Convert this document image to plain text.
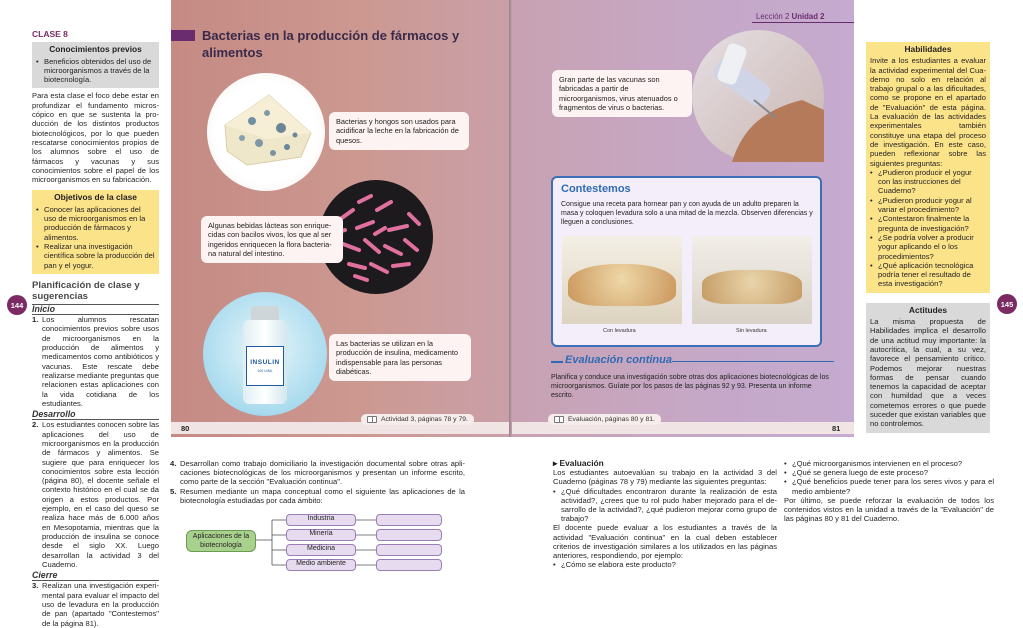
CLASE 8
Conocimientos previos
• Beneficios obtenidos del uso de microorganismos a través de la biotecnología.
Para esta clase el foco debe estar en profundizar el fundamento microscópico en que se sustenta la producción de los distintos productos biotecnológicos, por lo que pueden rescatarse conocimientos propios de los alumnos sobre el uso de fármacos y vacunas y sus conocimientos sobre el papel de los microorganismos en su fabricación.
Objetivos de la clase
• Conocer las aplicaciones del uso de microorganismos en la producción de fármacos y alimentos.
• Realizar una investigación científica sobre la producción del pan y el yogur.
Planificación de clase y sugerencias
Inicio
1. Los alumnos rescatan conocimientos previos sobre usos de microorganismos en la producción de alimentos y medicamentos como antibióticos y vacunas. Este rescate debe realizarse mediante preguntas que relacionen estas aplicaciones con la vida cotidiana de los estudiantes.
Desarrollo
2. Los estudiantes conocen sobre las aplicaciones del uso de microorganismos en la producción de fármacos y alimentos. Se sugiere que para enriquecer los conocimientos sobre esta lección (página 80), el docente señale el contexto histórico en el cual se da origen a estos productos. Por ejemplo, en el caso del queso se realiza hace más de 6.000 años en Mesopotamia, mientras que la producción de insulina se conoce desde el siglo XX. Luego desarrollan la actividad 3 del Cuaderno.
Cierre
3. Realizan una investigación experimental para evaluar el impacto del uso de levadura en la producción de pan (apartado "Contestemos" de la página 81).
144	145
Bacterias en la producción de fármacos y alimentos
Bacterias y hongos son usados para acidificar la leche en la fabricación de quesos.
Algunas bebidas lácteas son enriquecidas con bacilos vivos, los que al ser ingeridos enriquecen la flora bacteriana natural del intestino.
INSULIN
100 U/ML
Las bacterias se utilizan en la producción de insulina, medicamento indispensable para las personas diabéticas.
80
Actividad 3, páginas 78 y 79.
Lección 2 Unidad 2
Gran parte de las vacunas son fabricadas a partir de microorganismos, virus atenuados o fragmentos de virus o bacterias.
Contestemos
Consigue una receta para hornear pan y con ayuda de un adulto preparen la masa y coloquen levadura solo a una mitad de la mezcla. Observen diferencias y lleguen a conclusiones.
Con levadura	Sin levadura
Evaluación continua
Planifica y conduce una investigación sobre otras dos aplicaciones biotecnológicas de los microorganismos. Guíate por los pasos de las páginas 92 y 93. Presenta un informe escrito.
Evaluación, páginas 80 y 81.
81
Habilidades
Invite a los estudiantes a evaluar la actividad experimental del Cuaderno no solo en relación al trabajo grupal o a las dificultades, como se propone en el apartado de "Evaluación" de esta página. La evaluación de las actividades experimentales también constituye una etapa del proceso de investigación. En este caso, pueden reflexionar sobre las siguientes preguntas:
• ¿Pudieron producir el yogur con las instrucciones del Cuaderno?
• ¿Pudieron producir yogur al variar el procedimiento?
• ¿Contestaron finalmente la pregunta de investigación?
• ¿Se podría volver a producir yogur aplicando el o los procedimientos?
• ¿Qué aplicación tecnológica podría tener el resultado de esta investigación?
Actitudes
La misma propuesta de Habilidades implica el desarrollo de una actitud muy importante: la autocrítica, la cual, a su vez, favorece el pensamiento crítico. Podemos mejorar nuestras formas de pensar cuando tenemos la capacidad de aceptar con humildad que a veces cometemos errores o que puede suceder que existan variables que no controlemos.
4. Desarrollan como trabajo domiciliario la investigación documental sobre otras aplicaciones biotecnológicas de los microorganismos y presentan un informe escrito, como parte de la sección "Evaluación continua".
5. Resumen mediante un mapa conceptual como el siguiente las aplicaciones de la biotecnología estudiadas por cada ámbito:
Aplicaciones de la biotecnología
Industria
Minería
Medicina
Medio ambiente
▸ Evaluación
Los estudiantes autoevalúan su trabajo en la actividad 3 del Cuaderno (páginas 78 y 79) mediante las siguientes preguntas:
• ¿Qué dificultades encontraron durante la realización de esta actividad?, ¿crees que tu rol pudo haber mejorado para el desarrollo de la actividad?, ¿qué pudieron mejorar como grupo de trabajo?
El docente puede evaluar a los estudiantes a través de la actividad "Evaluación continua" en la cual deben establecer criterios de investigación similares a los utilizados en las páginas anteriores, respondiendo, por ejemplo:
• ¿Cómo se elabora este producto?
• ¿Qué microorganismos intervienen en el proceso?
• ¿Qué se genera luego de este proceso?
• ¿Qué beneficios puede tener para los seres vivos y para el medio ambiente?
Por último, se puede reforzar la evaluación de todos los contenidos vistos en la unidad a través de la "Evaluación" de las páginas 80 y 81 del Cuaderno.
